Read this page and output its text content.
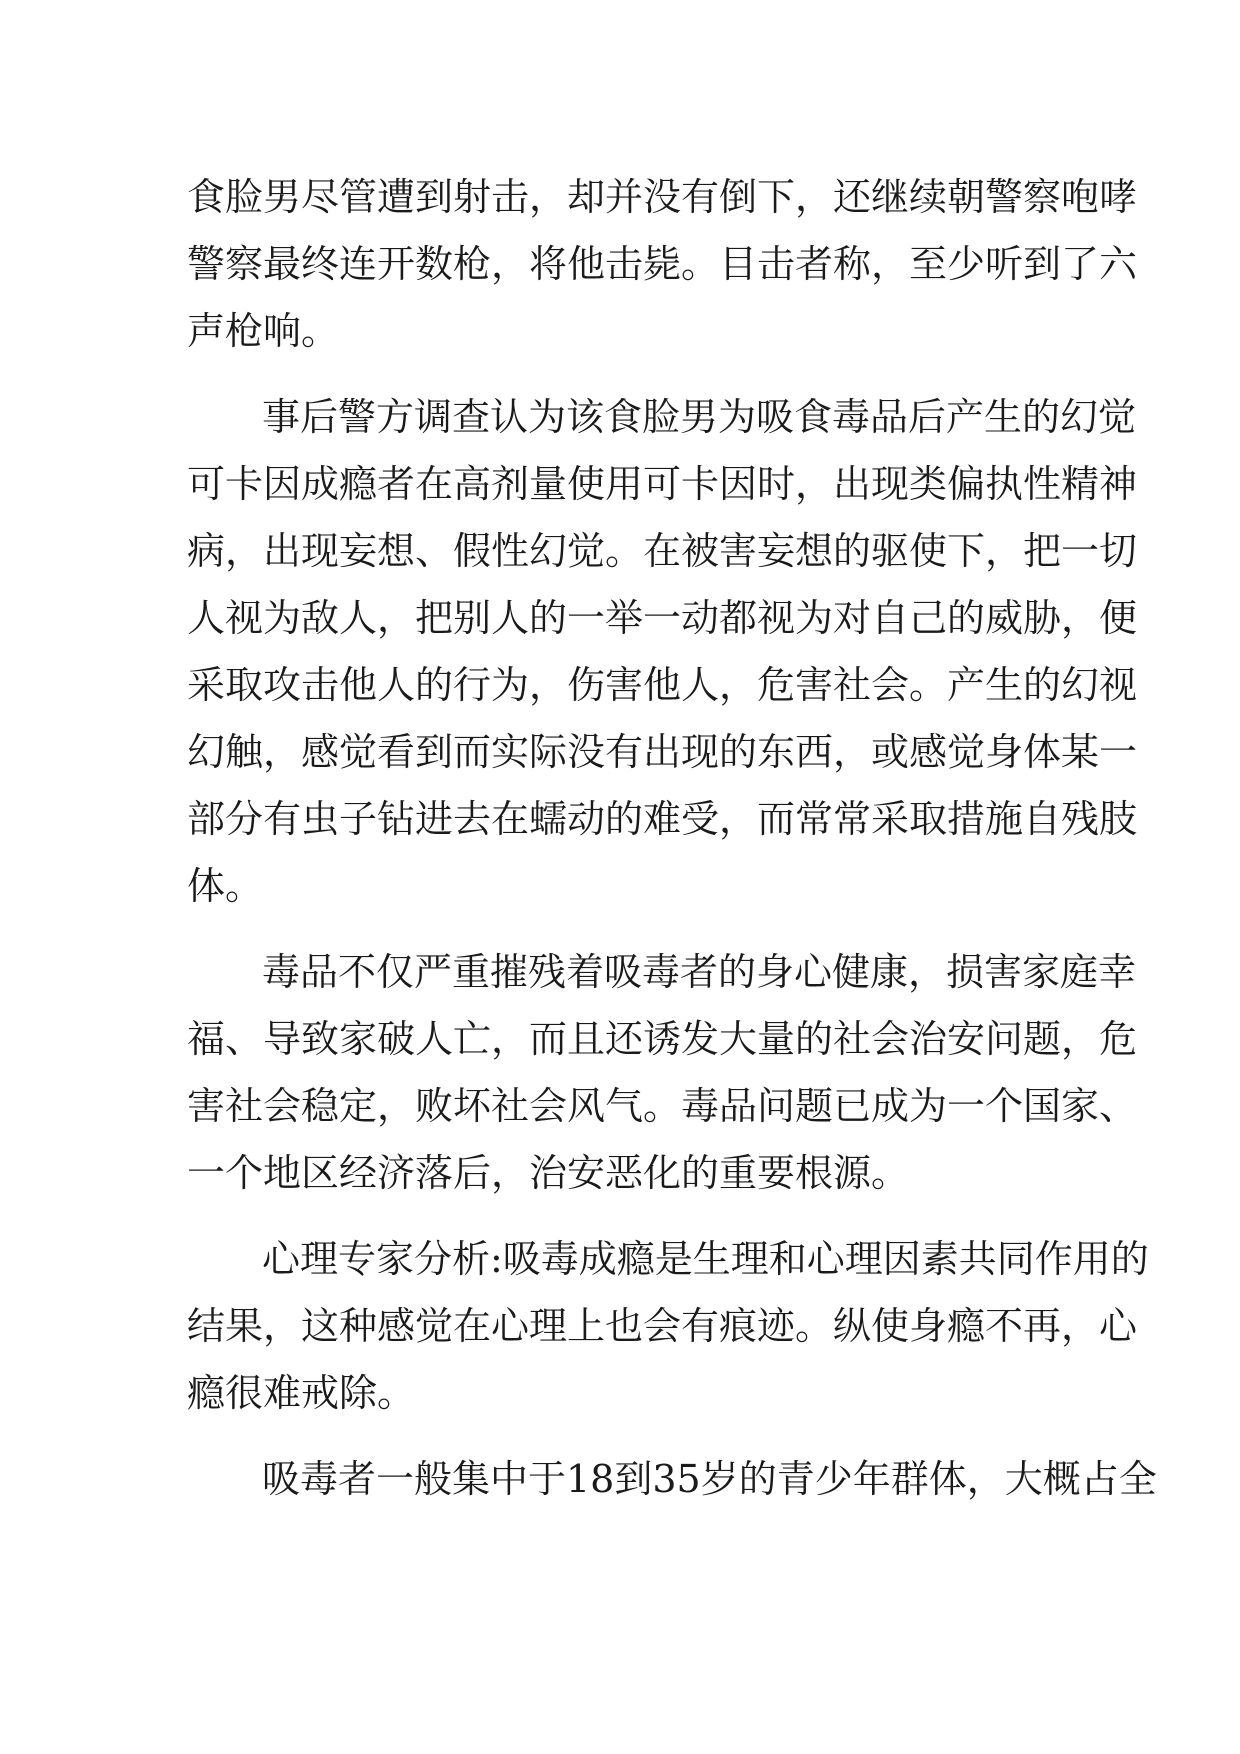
食脸男尽管遭到射击，却并没有倒下，还继续朝警察咆哮
警察最终连开数枪，将他击毙。目击者称，至少听到了六
声枪响。
事后警方调查认为该食脸男为吸食毒品后产生的幻觉
可卡因成瘾者在高剂量使用可卡因时，出现类偏执性精神
病，出现妄想、假性幻觉。在被害妄想的驱使下，把一切
人视为敌人，把别人的一举一动都视为对自己的威胁，便
采取攻击他人的行为，伤害他人，危害社会。产生的幻视
幻触，感觉看到而实际没有出现的东西，或感觉身体某一
部分有虫子钻进去在蠕动的难受，而常常采取措施自残肢
体。
毒品不仅严重摧残着吸毒者的身心健康，损害家庭幸
福、导致家破人亡，而且还诱发大量的社会治安问题，危
害社会稳定，败坏社会风气。毒品问题已成为一个国家、
一个地区经济落后，治安恶化的重要根源。
心理专家分析:吸毒成瘾是生理和心理因素共同作用的
结果，这种感觉在心理上也会有痕迹。纵使身瘾不再，心
瘾很难戒除。
吸毒者一般集中于18到35岁的青少年群体，大概占全
